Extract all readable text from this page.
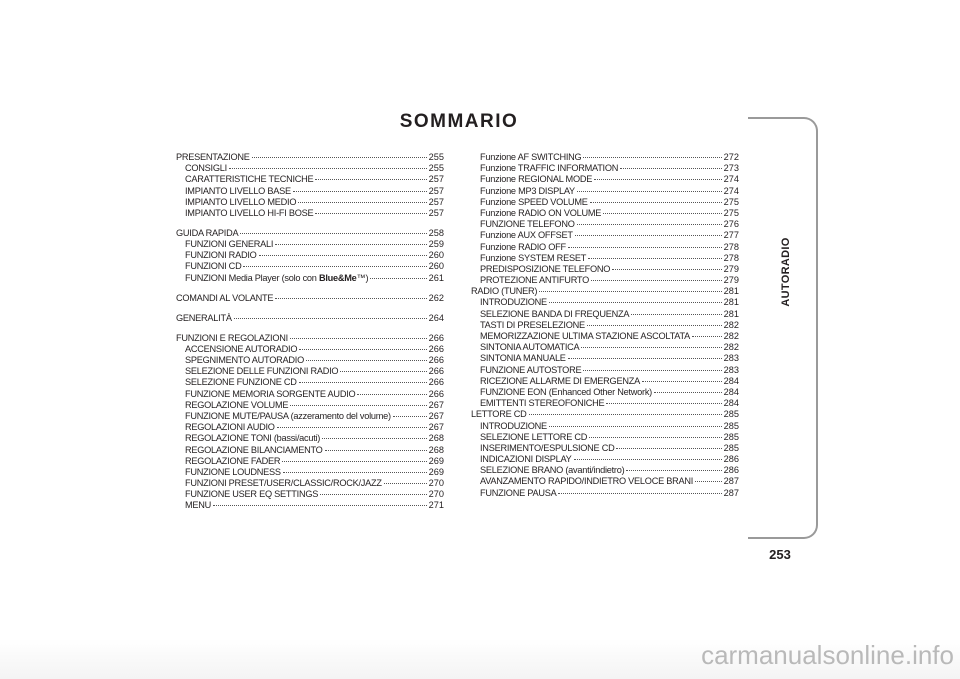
SOMMARIO
PRESENTAZIONE	255
CONSIGLI	255
CARATTERISTICHE TECNICHE	257
IMPIANTO LIVELLO BASE	257
IMPIANTO LIVELLO MEDIO	257
IMPIANTO LIVELLO HI-FI BOSE	257
GUIDA RAPIDA	258
FUNZIONI GENERALI	259
FUNZIONI RADIO	260
FUNZIONI CD	260
FUNZIONI Media Player (solo con Blue&Me™)	261
COMANDI AL VOLANTE	262
GENERALITÀ	264
FUNZIONI E REGOLAZIONI	266
ACCENSIONE AUTORADIO	266
SPEGNIMENTO AUTORADIO	266
SELEZIONE DELLE FUNZIONI RADIO	266
SELEZIONE FUNZIONE CD	266
FUNZIONE MEMORIA SORGENTE AUDIO	266
REGOLAZIONE VOLUME	267
FUNZIONE MUTE/PAUSA (azzeramento del volume)	267
REGOLAZIONI AUDIO	267
REGOLAZIONE TONI (bassi/acuti)	268
REGOLAZIONE BILANCIAMENTO	268
REGOLAZIONE FADER	269
FUNZIONE LOUDNESS	269
FUNZIONI PRESET/USER/CLASSIC/ROCK/JAZZ	270
FUNZIONE USER EQ SETTINGS	270
MENU	271
Funzione AF SWITCHING	272
Funzione TRAFFIC INFORMATION	273
Funzione REGIONAL MODE	274
Funzione MP3 DISPLAY	274
Funzione SPEED VOLUME	275
Funzione RADIO ON VOLUME	275
FUNZIONE TELEFONO	276
Funzione AUX OFFSET	277
Funzione RADIO OFF	278
Funzione SYSTEM RESET	278
PREDISPOSIZIONE TELEFONO	279
PROTEZIONE ANTIFURTO	279
RADIO (TUNER)	281
INTRODUZIONE	281
SELEZIONE BANDA DI FREQUENZA	281
TASTI DI PRESELEZIONE	282
MEMORIZZAZIONE ULTIMA STAZIONE ASCOLTATA	282
SINTONIA AUTOMATICA	282
SINTONIA MANUALE	283
FUNZIONE AUTOSTORE	283
RICEZIONE ALLARME DI EMERGENZA	284
FUNZIONE EON (Enhanced Other Network)	284
EMITTENTI STEREOFONICHE	284
LETTORE CD	285
INTRODUZIONE	285
SELEZIONE LETTORE CD	285
INSERIMENTO/ESPULSIONE CD	285
INDICAZIONI DISPLAY	286
SELEZIONE BRANO (avanti/indietro)	286
AVANZAMENTO RAPIDO/INDIETRO VELOCE BRANI	287
FUNZIONE PAUSA	287
AUTORADIO
253
carmanualsonline.info
